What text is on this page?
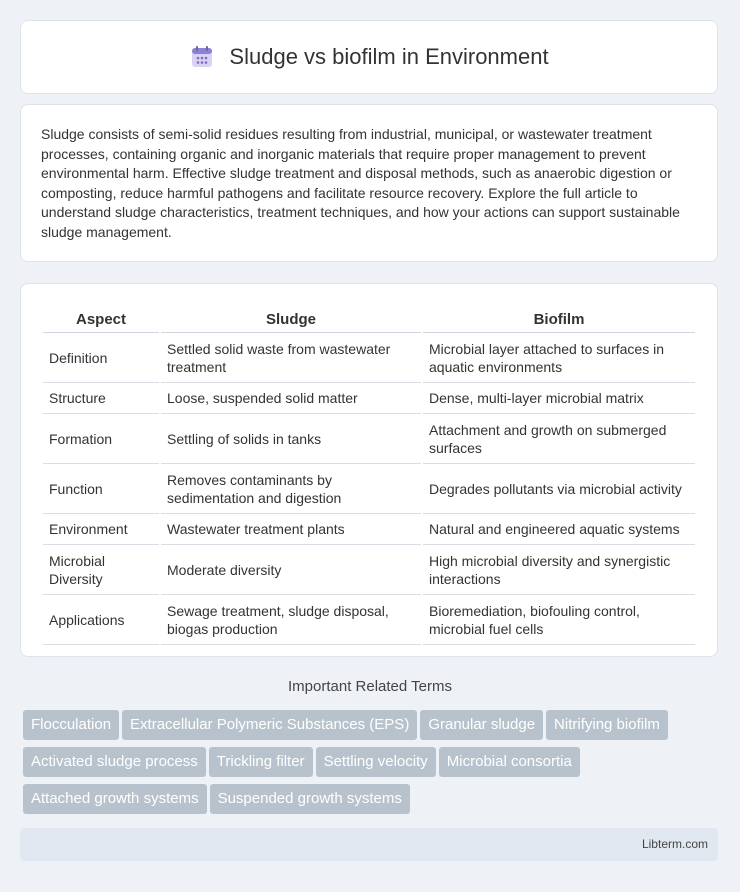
Sludge vs biofilm in Environment

Sludge consists of semi-solid residues resulting from industrial, municipal, or wastewater treatment processes, containing organic and inorganic materials that require proper management to prevent environmental harm. Effective sludge treatment and disposal methods, such as anaerobic digestion or composting, reduce harmful pathogens and facilitate resource recovery. Explore the full article to understand sludge characteristics, treatment techniques, and how your actions can support sustainable sludge management.

Aspect	Sludge	Biofilm
Definition	Settled solid waste from wastewater treatment	Microbial layer attached to surfaces in aquatic environments
Structure	Loose, suspended solid matter	Dense, multi-layer microbial matrix
Formation	Settling of solids in tanks	Attachment and growth on submerged surfaces
Function	Removes contaminants by sedimentation and digestion	Degrades pollutants via microbial activity
Environment	Wastewater treatment plants	Natural and engineered aquatic systems
Microbial Diversity	Moderate diversity	High microbial diversity and synergistic interactions
Applications	Sewage treatment, sludge disposal, biogas production	Bioremediation, biofouling control, microbial fuel cells
Important Related Terms
Flocculation Extracellular Polymeric Substances (EPS) Granular sludge Nitrifying biofilm
Activated sludge process Trickling filter Settling velocity Microbial consortia
Attached growth systems Suspended growth systems
Libterm.com
